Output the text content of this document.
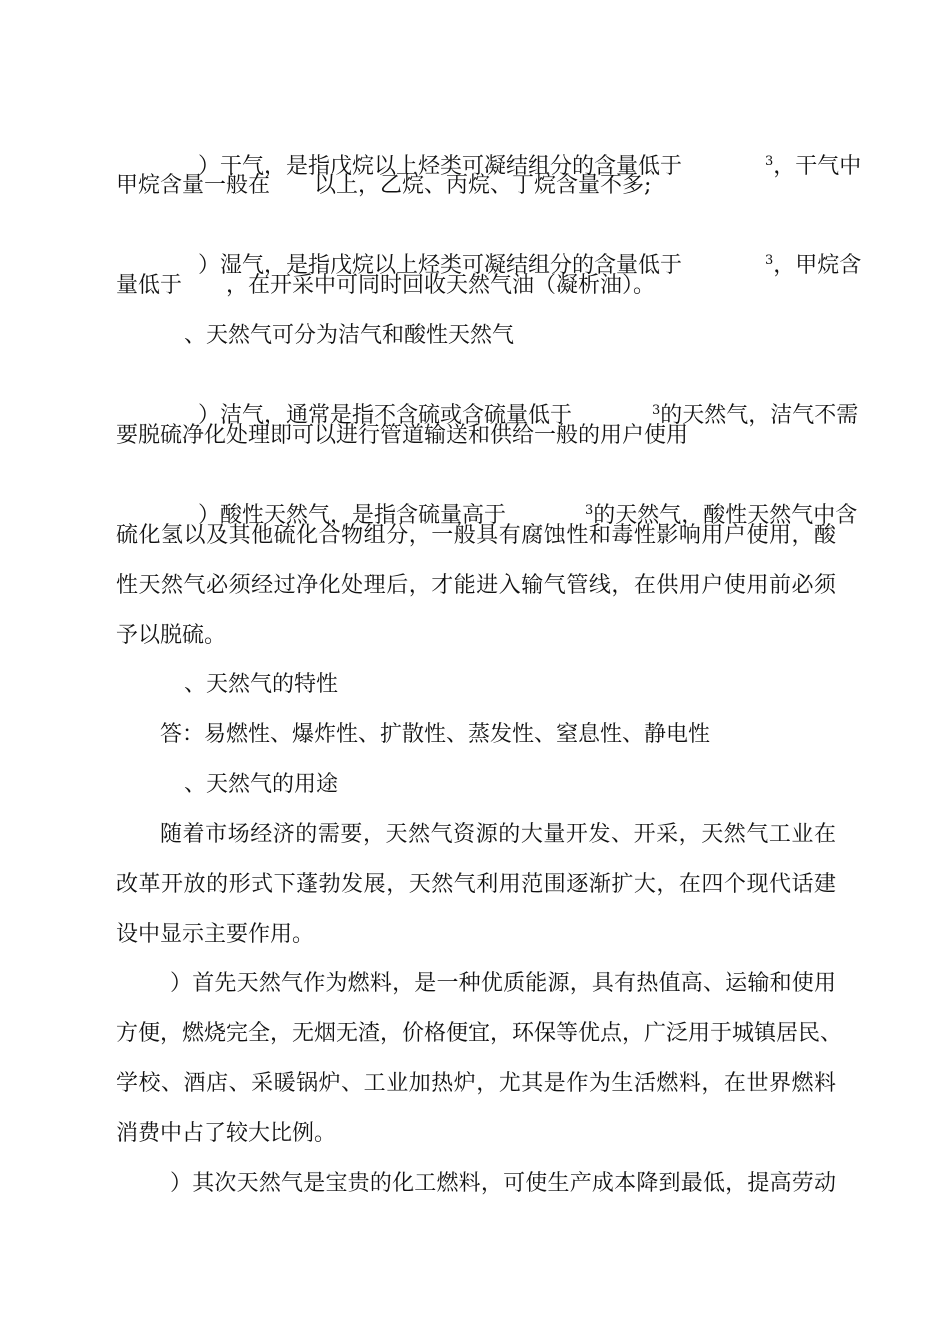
）干气，是指戊烷以上烃类可凝结组分的含量低于
	$^3$，干气中

甲烷含量一般在　　以上，乙烷、丙烷、丁烷含量不多;

）湿气，是指戊烷以上烃类可凝结组分的含量低于
	$^3$，甲烷含

量低于　　，在开采中可同时回收天然气油（凝析油）。
、天然气可分为洁气和酸性天然气

）洁气，通常是指不含硫或含硫量低于
	$^3$的天然气，洁气不需

要脱硫净化处理即可以进行管道输送和供给一般的用户使用

）酸性天然气，是指含硫量高于
	$^3$的天然气，酸性天然气中含

硫化氢以及其他硫化合物组分，一般具有腐蚀性和毒性影响用户使用，酸
性天然气必须经过净化处理后，才能进入输气管线，在供用户使用前必须
予以脱硫。
、天然气的特性
答：易燃性、爆炸性、扩散性、蒸发性、窒息性、静电性
、天然气的用途
随着市场经济的需要，天然气资源的大量开发、开采，天然气工业在
改革开放的形式下蓬勃发展，天然气利用范围逐渐扩大，在四个现代话建
设中显示主要作用。
）首先天然气作为燃料，是一种优质能源，具有热值高、运输和使用
方便，燃烧完全，无烟无渣，价格便宜，环保等优点，广泛用于城镇居民、
学校、酒店、采暖锅炉、工业加热炉，尤其是作为生活燃料，在世界燃料
消费中占了较大比例。
）其次天然气是宝贵的化工燃料，可使生产成本降到最低，提高劳动
